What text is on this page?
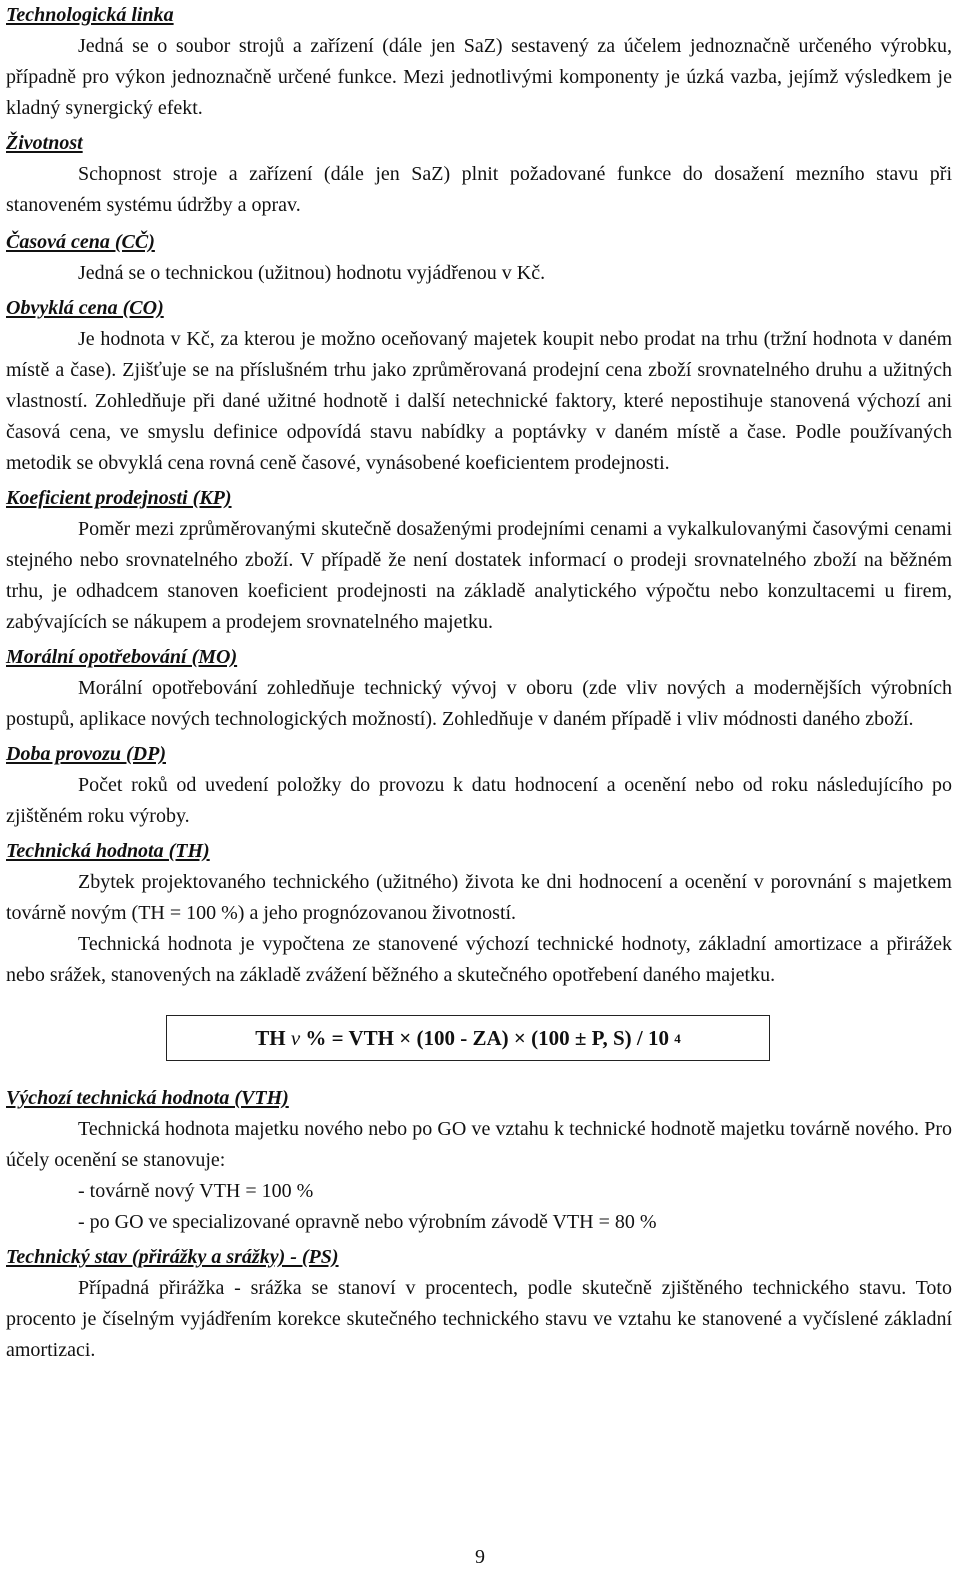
Technologická linka

Jedná se o soubor strojů a zařízení (dále jen SaZ) sestavený za účelem jednoznačně určeného výrobku, případně pro výkon jednoznačně určené funkce. Mezi jednotlivými komponenty je úzká vazba, jejímž výsledkem je kladný synergický efekt.

Životnost

Schopnost stroje a zařízení (dále jen SaZ) plnit požadované funkce do dosažení mezního stavu při stanoveném systému údržby a oprav.

Časová cena (CČ)

Jedná se o technickou (užitnou) hodnotu vyjádřenou v Kč.

Obvyklá cena (CO)

Je hodnota v Kč, za kterou je možno oceňovaný majetek koupit nebo prodat na trhu (tržní hodnota v daném místě a čase). Zjišťuje se na příslušném trhu jako zprůměrovaná prodejní cena zboží srovnatelného druhu a užitných vlastností. Zohledňuje při dané užitné hodnotě i další netechnické faktory, které nepostihuje stanovená výchozí ani časová cena, ve smyslu definice odpovídá stavu nabídky a poptávky v daném místě a čase. Podle používaných metodik se obvyklá cena rovná ceně časové, vynásobené koeficientem prodejnosti.

Koeficient prodejnosti (KP)

Poměr mezi zprůměrovanými skutečně dosaženými prodejními cenami a vykalkulovanými časovými cenami stejného nebo srovnatelného zboží. V případě že není dostatek informací o prodeji srovnatelného zboží na běžném trhu, je odhadcem stanoven koeficient prodejnosti na základě analytického výpočtu nebo konzultacemi u firem, zabývajících se nákupem a prodejem srovnatelného majetku.

Morální opotřebování (MO)

Morální opotřebování zohledňuje technický vývoj v oboru (zde vliv nových a modernějších výrobních postupů, aplikace nových technologických možností). Zohledňuje v daném případě i vliv módnosti daného zboží.

Doba provozu (DP)

Počet roků od uvedení položky do provozu k datu hodnocení a ocenění nebo od roku následujícího po zjištěném roku výroby.

Technická hodnota (TH)

Zbytek projektovaného technického (užitného) života ke dni hodnocení a ocenění v porovnání s majetkem továrně novým (TH = 100 %) a jeho prognózovanou životností.

Technická hodnota je vypočtena ze stanovené výchozí technické hodnoty, základní amortizace a přirážek nebo srážek, stanovených na základě zvážení běžného a skutečného opotřebení daného majetku.

TH
v
% = VTH × (100 - ZA) × (100 ± P, S) / 10
4

Výchozí technická hodnota (VTH)

Technická hodnota majetku nového nebo po GO ve vztahu k technické hodnotě majetku továrně nového. Pro účely ocenění se stanovuje:

- továrně nový VTH = 100 %

- po GO ve specializované opravně nebo výrobním závodě VTH = 80 %

Technický stav (přirážky a srážky) - (PS)

Případná přirážka - srážka se stanoví v procentech, podle skutečně zjištěného technického stavu. Toto procento je číselným vyjádřením korekce skutečného technického stavu ve vztahu ke stanovené a vyčíslené základní amortizaci.

9
